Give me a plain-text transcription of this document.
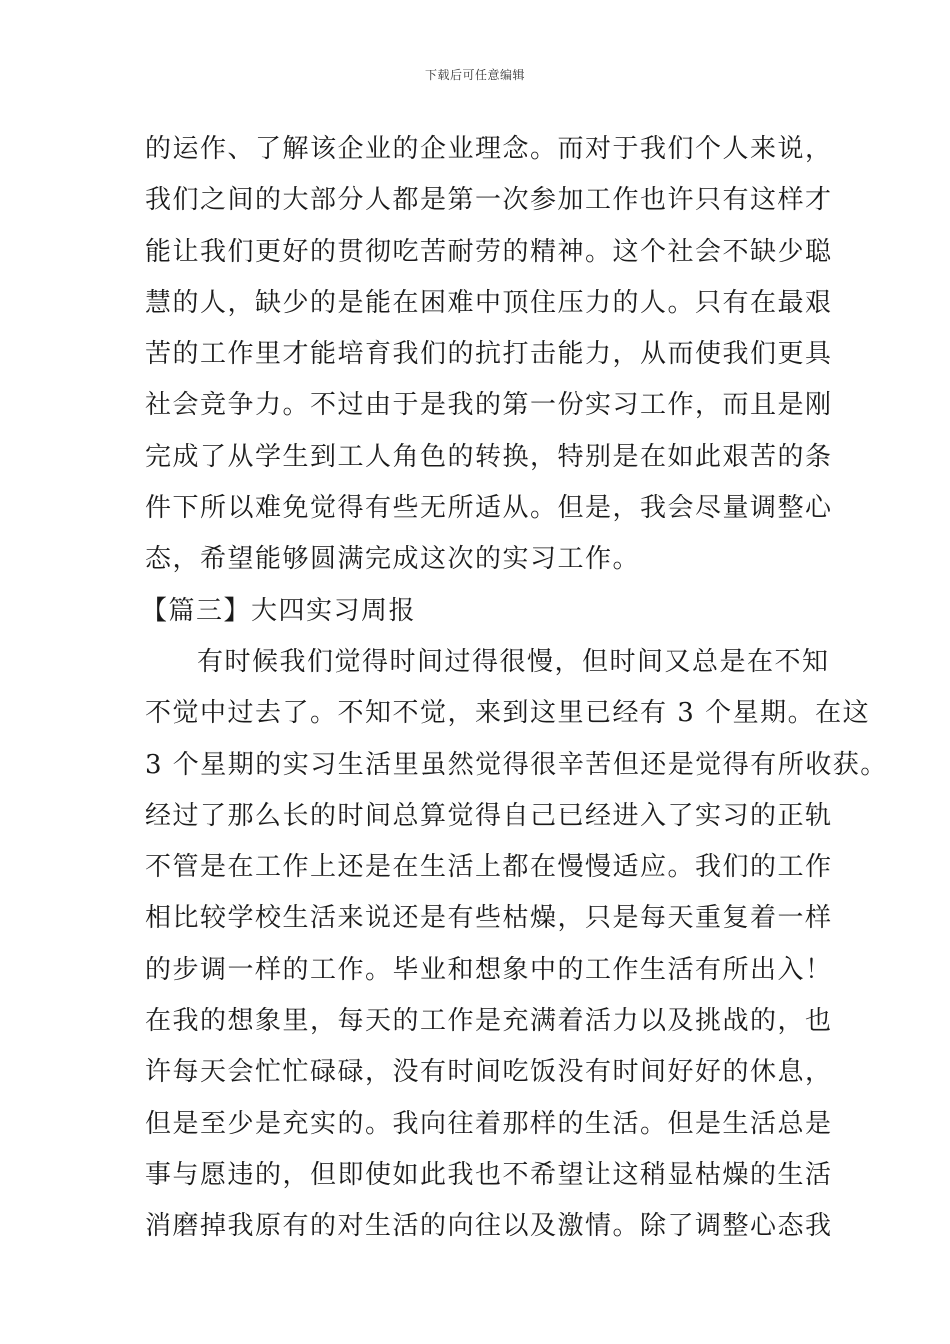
下载后可任意编辑
的运作、了解该企业的企业理念。而对于我们个人来说，
我们之间的大部分人都是第一次参加工作也许只有这样才
能让我们更好的贯彻吃苦耐劳的精神。这个社会不缺少聪
慧的人，缺少的是能在困难中顶住压力的人。只有在最艰
苦的工作里才能培育我们的抗打击能力，从而使我们更具
社会竞争力。不过由于是我的第一份实习工作，而且是刚
完成了从学生到工人角色的转换，特别是在如此艰苦的条
件下所以难免觉得有些无所适从。但是，我会尽量调整心
态，希望能够圆满完成这次的实习工作。
【篇三】大四实习周报
有时候我们觉得时间过得很慢，但时间又总是在不知
不觉中过去了。不知不觉，来到这里已经有 3 个星期。在这
3 个星期的实习生活里虽然觉得很辛苦但还是觉得有所收获。
经过了那么长的时间总算觉得自己已经进入了实习的正轨
不管是在工作上还是在生活上都在慢慢适应。我们的工作
相比较学校生活来说还是有些枯燥，只是每天重复着一样
的步调一样的工作。毕业和想象中的工作生活有所出入！
在我的想象里，每天的工作是充满着活力以及挑战的，也
许每天会忙忙碌碌，没有时间吃饭没有时间好好的休息，
但是至少是充实的。我向往着那样的生活。但是生活总是
事与愿违的，但即使如此我也不希望让这稍显枯燥的生活
消磨掉我原有的对生活的向往以及激情。除了调整心态我
